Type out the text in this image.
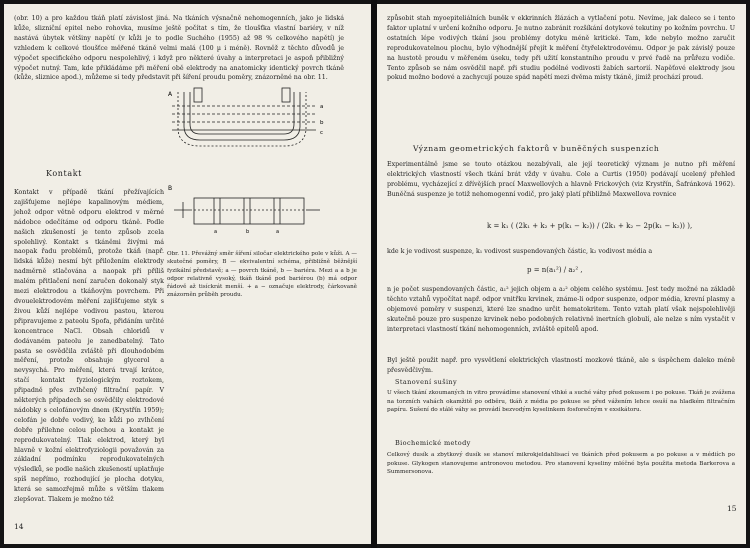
(obr. 10) a pro každou tkáň platí závislost jiná. Na tkáních výsnačně nehomogenních, jako je lidská kůže, slizniční epitel nebo rohovka, musíme ještě počítat s tím, že tloušťka vlastní bariéry, v níž nastává úbytek většiny napětí (v kůži je to podle Suchého (1955) až 98 % celkového napětí) je vzhledem k celkové tloušťce měřené tkáně velmi malá (100 µ i méně). Rovněž z těchto důvodů je výpočet specifického odporu nespolehlivý, i když pro některé úvahy a interpretaci je aspoň přibližný výpočet nutný. Tam, kde přikládáme při měření obě elektrody na anatomicky identický povrch tkáně (kůže, sliznice apod.), můžeme si tedy představit při šíření proudu poměry, znázorněné na obr. 11.
Kontakt
A
a
b
c
B
a	b	a
Obr. 11. Převážný směr šíření siločar elektrického pole v kůži. A — skutečné poměry, B — ekvivalentní schéma, přibližně běžnější fyzikální představě; a — povrch tkáně, b — bariéra. Mezi a a b je odpor relativně vysoký, tkáň tkáně pod bariérou (b) má odpor řádově až tisíckrát menší. + a − označuje elektrody, čárkovaně znázorněn průběh proudu.
Kontakt v případě tkání přežívajících zajišťujeme nejlépe kapalinovým médiem, jehož odpor větně odporu elektrod v měrné nádobce odečítáme od odporu tkáně. Podle našich zkušeností je tento způsob zcela spolehlivý. Kontakt s tkáněmi živými má naopak řadu problémů, protože tkáň (např. lidská kůže) nesmí být přiložením elektrody nadměrně stlačována a naopak při příliš malém přitlačení není zaručen dokonalý styk mezi elektrodou a tkáňovým povrchem. Při dvouelektrodovém měření zajišťujeme styk s živou kůží nejlépe vodivou pastou, kterou připravujeme z pateolu Spofa, přidáním určité koncentrace NaCl. Obsah chloridů v dodávaném pateolu je zanedbatelný. Tato pasta se osvědčila zvláště při dlouhodobém měření, protože obsahuje glycerol a nevysychá. Pro měření, která trvají krátce, stačí kontakt fyziologickým roztokem, připadně přes zvlhčený filtrační papír. V některých případech se osvědčily elektrodové nádobky s celofánovým dnem (Krystřín 1959); celofán je dobře vodivý, ke kůži po zvlhčení dobře přilehne celou plochou a kontakt je reprodukovatelný. Tlak elektrod, který byl hlavně v kožní elektrofyziologii považován za základní podmínku reprodukovatelných výsledků, se podle našich zkušeností uplatňuje spíš nepřímo, rozhodující je plocha dotyku, která se samozřejmě může s větším tlakem zlepšovat. Tlakem je možno též
14
způsobit stah myoepiteliálních buněk v ekkrinních žlázách a vytlačení potu. Nevíme, jak daleco se i tento faktor uplatní v určení kožního odporu. Je nutno zabránit rozšíkání dotykové tekutiny po kožním povrchu. U ostatních lépe vodivých tkání jsou problémy dotyku méně kritické. Tam, kde nebylo možno zaručit reprodukovatelnou plochu, bylo výhodnější přejít k měření čtyřelektrodovému. Odpor je pak závislý pouze na hustotě proudu v měřeném úseku, tedy při užití konstantního proudu v prvé řadě na průřezu vodiče. Tento způsob se nám osvědčil např. při studiu podélné vodivosti žabích sartorií. Napěťové elektrody jsou pokud možno bodové a zachycují pouze spád napětí mezi dvěma místy tkáně, jimiž prochází proud.
Význam geometrických faktorů v buněčných suspenzích
Experimentálně jsme se touto otázkou nezabývali, ale její teoretický význam je nutno při měření elektrických vlastností všech tkání brát vždy v úvahu. Cole a Curtis (1950) podávají ucelený přehled problému, vycházející z dřívějších prací Maxwellových a hlavně Frickových (viz Krystřín, Šafránková 1962). Buněčná suspenze je totiž nehomogenní vodič, pro jaký platí přibližně Maxwellova rovnice
k = k₁ ( (2k₁ + k₂ + p(k₁ − k₂)) / (2k₁ + k₂ − 2p(k₁ − k₂)) ),
kde k je vodivost suspenze, k₁ vodivost suspendovaných částic, k₂ vodivost média a
p = n(a₁²) / a₂² ,
n je počet suspendovaných částic, a₁² jejich objem a a₂² objem celého systému. Jest tedy možné na základě těchto vztahů vypočítat např. odpor vnitřku krvinek, známe-li odpor suspenze, odpor média, krevní plasmy a objemové poměry v suspenzi, které lze snadno určit hematokritem. Tento vztah platí však nejspolehlivěji skutečně pouze pro suspenze krvinek nebo podobných relativně inertních globulí, ale nelze s ním vystačit v interpretaci vlastností tkání nehomogenních, zvláště epitelů apod.
Byl ještě použit např. pro vysvětlení elektrických vlastností mozkové tkáně, ale s úspěchem daleko méně přesvědčivým.
Stanovení sušiny
U všech tkání zkoumaných in vitro provádíme stanovení vlhké a suché váhy před pokusem i po pokuse. Tkáň je zvážena na torzních vahách okamžitě po odběru, tkáň z média po pokuse se před vážením lehce osuší na hladkém filtračním papíru. Sušení do stálé váhy se provádí bezvodým kyselinkem fosforečným v exsikátoru.
Biochemické metody
Celkový dusík a zbytkový dusík se stanoví mikrokjeldahlisací ve tkáních před pokusem a po pokuse a v médiích po pokuse. Glykogen stanovujeme antronovou metodou. Pro stanovení kyseliny mléčné byla použita metoda Barkerova a Summersonova.
15
